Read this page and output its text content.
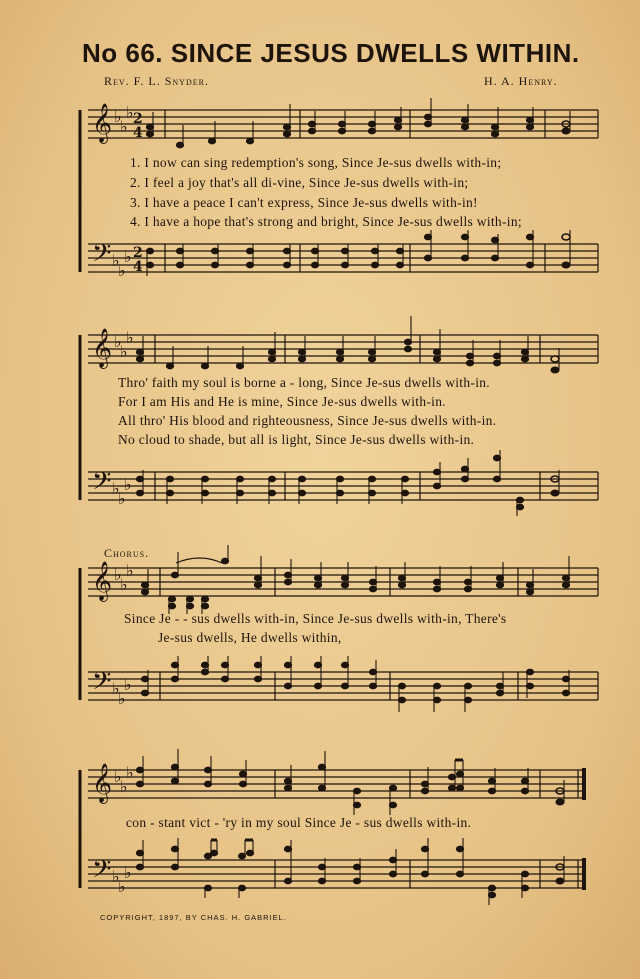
No 66. SINCE JESUS DWELLS WITHIN.
Rev. F. L. Snyder.	H. A. Henry.
𝄞
𝄢
♭
♭
♭
♭
♭
♭
2
4
2
4
1. I now can sing redemption's song, Since Je-sus dwells with-in;
2. I feel a joy that's all di-vine, Since Je-sus dwells with-in;
3. I have a peace I can't express, Since Je-sus dwells with-in!
4. I have a hope that's strong and bright, Since Je-sus dwells with-in;
𝄞
𝄢
♭
♭
♭
♭
♭
♭
Thro' faith my soul is borne a - long, Since Je-sus dwells with-in.
For I am His and He is mine, Since Je-sus dwells with-in.
All thro' His blood and righteousness, Since Je-sus dwells with-in.
No cloud to shade, but all is light, Since Je-sus dwells with-in.
Chorus.
𝄞
𝄢
♭
♭
♭
♭
♭
♭
Since Je - - sus dwells with-in, Since Je-sus dwells with-in, There's
Je-sus dwells, He dwells within,
𝄞
𝄢
♭
♭
♭
♭
♭
♭
con - stant vict - 'ry in my soul Since Je - sus dwells with-in.
COPYRIGHT, 1897, BY CHAS. H. GABRIEL.
